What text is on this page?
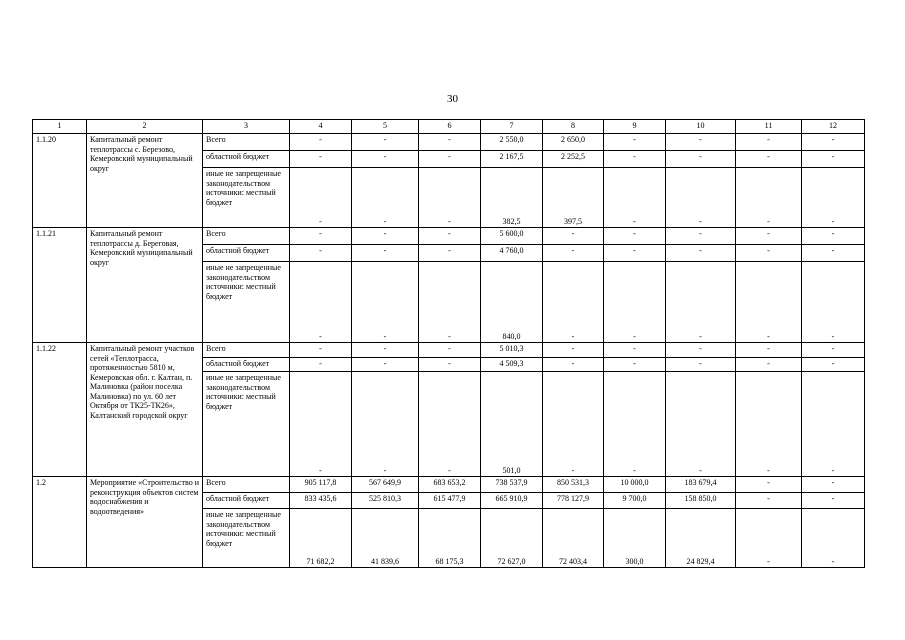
30
1	2	3	4	5	6	7	8	9	10	11	12
1.1.20	Капитальный ремонт теплотрассы с. Березово, Кемеровский муниципальный округ	Всего	-	-	-	2 550,0	2 650,0	-	-	-	-
		областной бюджет	-	-	-	2 167,5	2 252,5	-	-	-	-
		иные не запрещенные законодательством источники: местный бюджет	-	-	-	382,5	397,5	-	-	-	-
1.1.21	Капитальный ремонт теплотрассы д. Береговая, Кемеровский муниципальный округ	Всего	-	-	-	5 600,0	-	-	-	-	-
		областной бюджет	-	-	-	4 760,0	-	-	-	-	-
		иные не запрещенные законодательством источники: местный бюджет	-	-	-	840,0	-	-	-	-	-
1.1.22	Капитальный ремонт участков сетей «Теплотрасса, протяженностью 5810 м, Кемеровская обл. г. Калтан, п. Малиновка (район поселка Малиновка) по ул. 60 лет Октября от ТК25-ТК26», Калтанский городской округ	Всего	-	-	-	5 010,3	-	-	-	-	-
		областной бюджет	-	-	-	4 509,3	-	-	-	-	-
		иные не запрещенные законодательством источники: местный бюджет	-	-	-	501,0	-	-	-	-	-
1.2	Мероприятие «Строительство и реконструкция объектов систем водоснабжения и водоотведения»	Всего	905 117,8	567 649,9	683 653,2	738 537,9	850 531,3	10 000,0	183 679,4	-	-
		областной бюджет	833 435,6	525 810,3	615 477,9	665 910,9	778 127,9	9 700,0	158 850,0	-	-
		иные не запрещенные законодательством источники: местный бюджет	71 682,2	41 839,6	68 175,3	72 627,0	72 403,4	300,0	24 829,4	-	-
